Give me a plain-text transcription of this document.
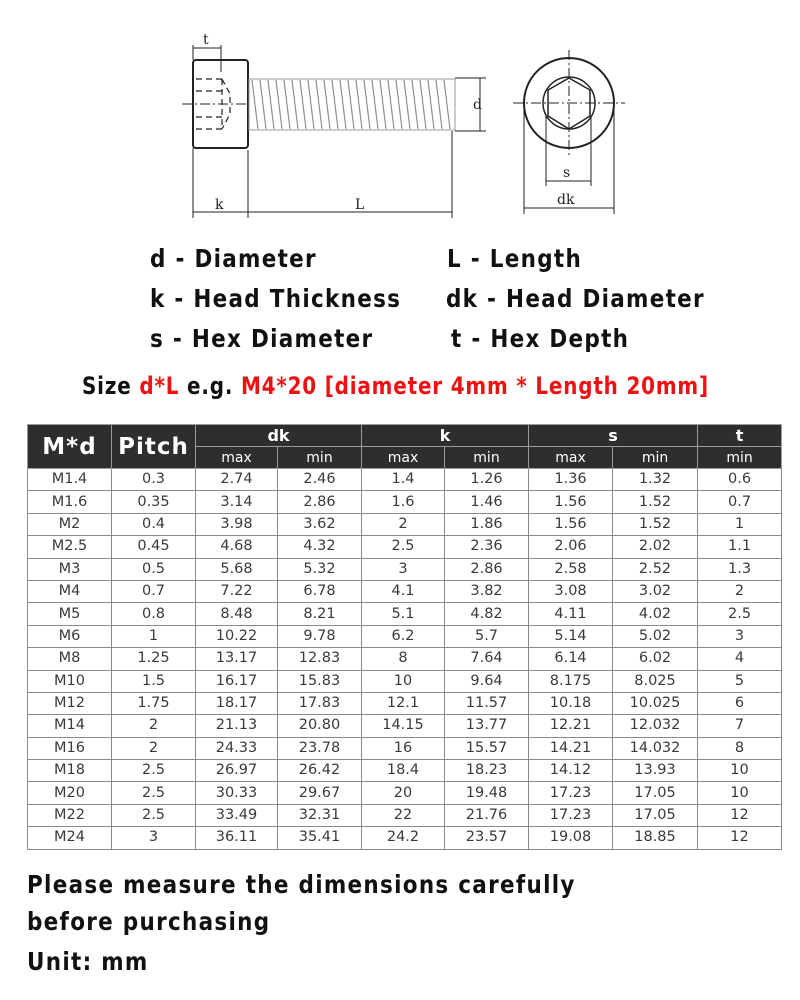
t
d
k	L
s
dk
d - Diameter	L - Length
k - Head Thickness dk - Head Diameter
s - Hex Diameter	t - Hex Depth
Size d*L e.g. M4*20 [diameter 4mm * Length 20mm]
M*d	Pitch	dk		k		s		t
		max	min	max	min	max	min	min
M1.4	0.3	2.74	2.46	1.4	1.26	1.36	1.32	0.6
M1.6	0.35	3.14	2.86	1.6	1.46	1.56	1.52	0.7
M2	0.4	3.98	3.62	2	1.86	1.56	1.52	1
M2.5	0.45	4.68	4.32	2.5	2.36	2.06	2.02	1.1
M3	0.5	5.68	5.32	3	2.86	2.58	2.52	1.3
M4	0.7	7.22	6.78	4.1	3.82	3.08	3.02	2
M5	0.8	8.48	8.21	5.1	4.82	4.11	4.02	2.5
M6	1	10.22	9.78	6.2	5.7	5.14	5.02	3
M8	1.25	13.17	12.83	8	7.64	6.14	6.02	4
M10	1.5	16.17	15.83	10	9.64	8.175	8.025	5
M12	1.75	18.17	17.83	12.1	11.57	10.18	10.025	6
M14	2	21.13	20.80	14.15	13.77	12.21	12.032	7
M16	2	24.33	23.78	16	15.57	14.21	14.032	8
M18	2.5	26.97	26.42	18.4	18.23	14.12	13.93	10
M20	2.5	30.33	29.67	20	19.48	17.23	17.05	10
M22	2.5	33.49	32.31	22	21.76	17.23	17.05	12
M24	3	36.11	35.41	24.2	23.57	19.08	18.85	12
Please measure the dimensions carefully
before purchasing
Unit: mm
